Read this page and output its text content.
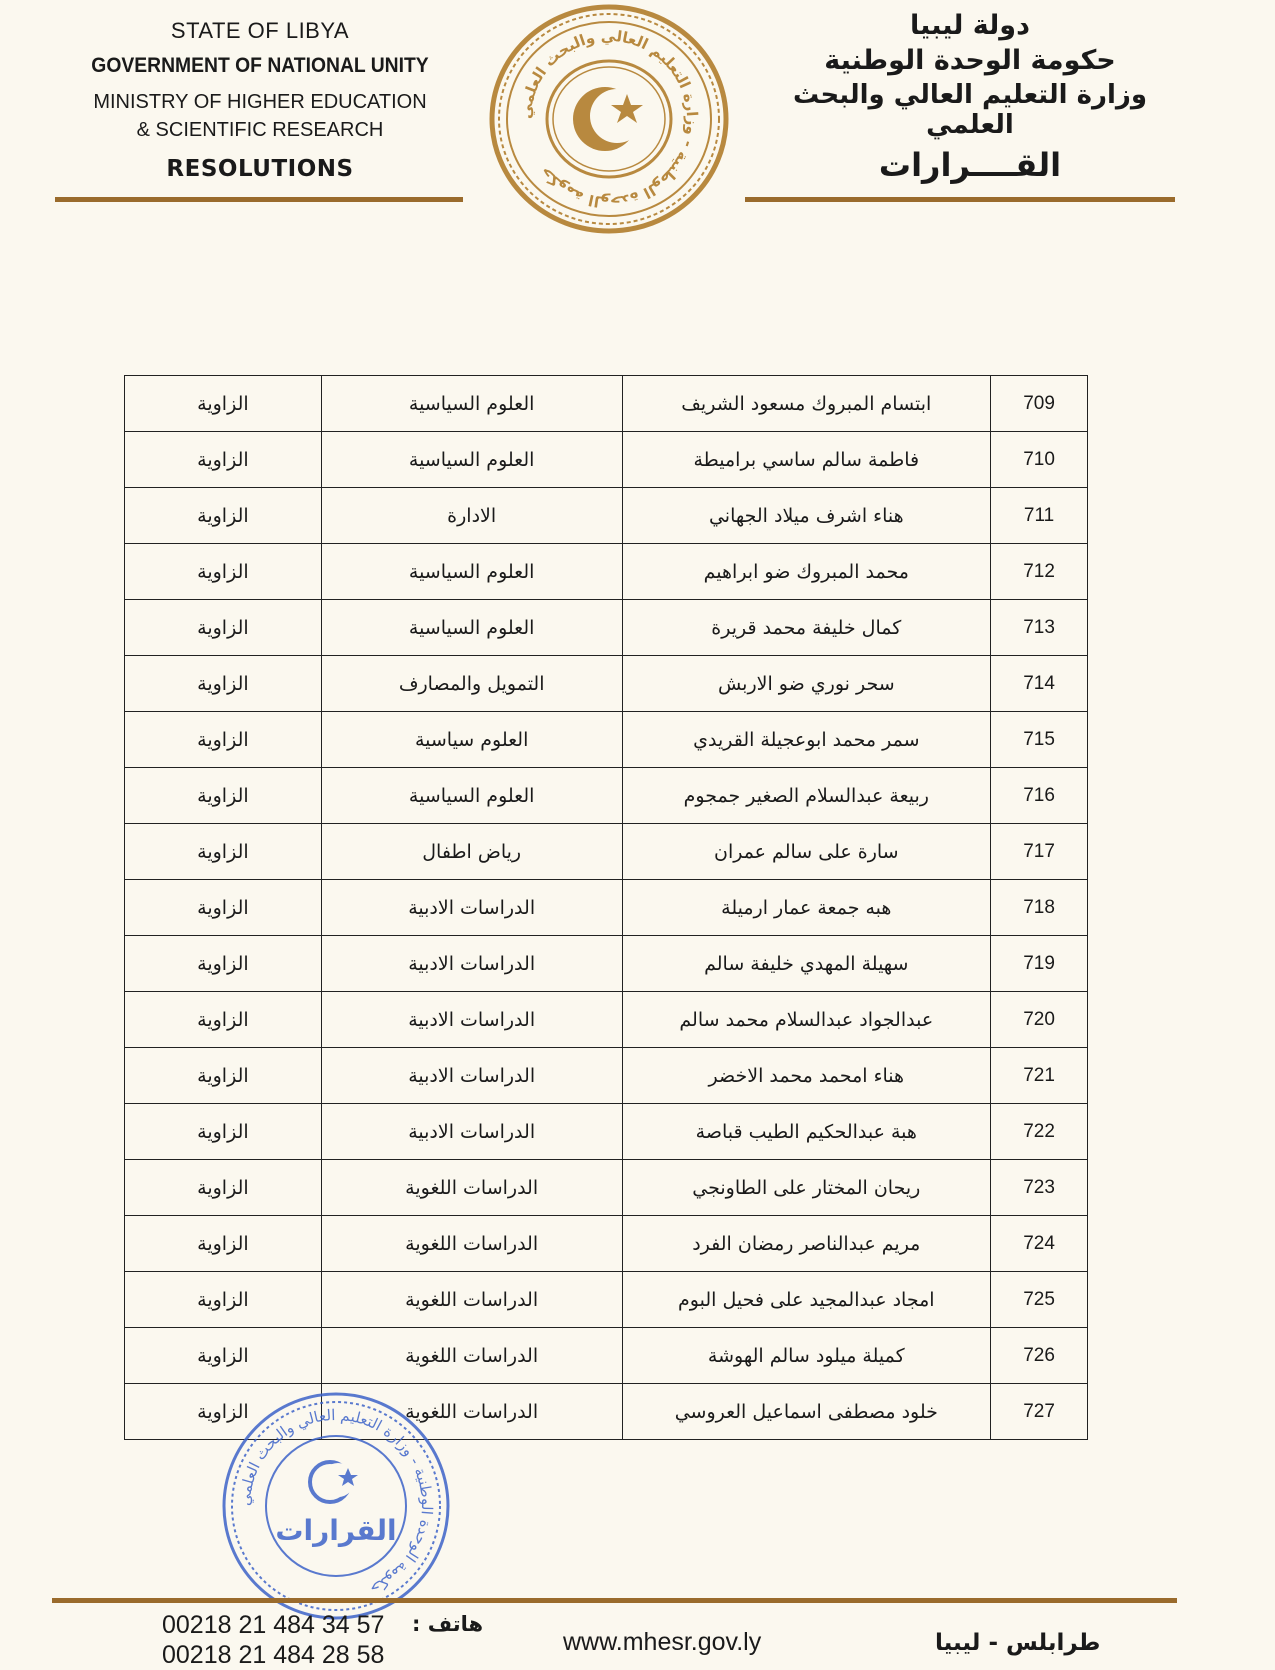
STATE OF LIBYA
GOVERNMENT OF NATIONAL UNITY
MINISTRY OF HIGHER EDUCATION
& SCIENTIFIC RESEARCH
RESOLUTIONS
حكومة الوحدة الوطنية - وزارة التعليم العالي والبحث العلمي
دولة ليبيا
حكومة الوحدة الوطنية
وزارة التعليم العالي والبحث العلمي
القــــرارات
709	ابتسام المبروك مسعود الشريف	العلوم السياسية	الزاوية
710	فاطمة سالم ساسي براميطة	العلوم السياسية	الزاوية
711	هناء اشرف ميلاد الجهاني	الادارة	الزاوية
712	محمد المبروك ضو ابراهيم	العلوم السياسية	الزاوية
713	كمال خليفة محمد قريرة	العلوم السياسية	الزاوية
714	سحر نوري ضو الاربش	التمويل والمصارف	الزاوية
715	سمر محمد ابوعجيلة القريدي	العلوم سياسية	الزاوية
716	ربيعة عبدالسلام الصغير جمجوم	العلوم السياسية	الزاوية
717	سارة على سالم عمران	رياض اطفال	الزاوية
718	هبه جمعة عمار ارميلة	الدراسات الادبية	الزاوية
719	سهيلة المهدي خليفة سالم	الدراسات الادبية	الزاوية
720	عبدالجواد عبدالسلام محمد سالم	الدراسات الادبية	الزاوية
721	هناء امحمد محمد الاخضر	الدراسات الادبية	الزاوية
722	هبة عبدالحكيم الطيب قباصة	الدراسات الادبية	الزاوية
723	ريحان المختار على الطاونجي	الدراسات اللغوية	الزاوية
724	مريم عبدالناصر رمضان الفرد	الدراسات اللغوية	الزاوية
725	امجاد عبدالمجيد على فحيل البوم	الدراسات اللغوية	الزاوية
726	كميلة ميلود سالم الهوشة	الدراسات اللغوية	الزاوية
727	خلود مصطفى اسماعيل العروسي	الدراسات اللغوية	الزاوية
حكومة الوحدة الوطنية - وزارة التعليم العالي والبحث العلمي
القرارات
00218 21 484 34 57
00218 21 484 28 58
هاتف :
www.mhesr.gov.ly	طرابلس - ليبيا
